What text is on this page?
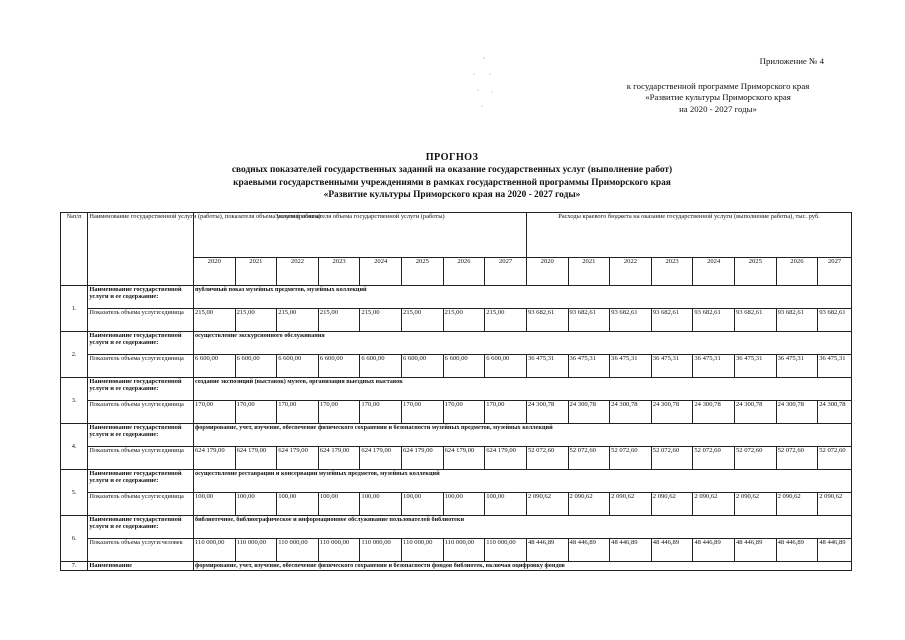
Приложение № 4
к государственной программе Приморского края
«Развитие культуры Приморского края
на 2020 - 2027 годы»
ПРОГНОЗ
сводных показателей государственных заданий на оказание государственных услуг (выполнение работ)
краевыми государственными учреждениями в рамках государственной программы Приморского края
«Развитие культуры Приморского края на 2020 - 2027 годы»
№п/п	Наименование государственной услуги (работы), показателя объема услуги (работы)	Значение показателя объема государственной услуги (работы)								Расходы краевого бюджета на оказание государственной услуги (выполнение работы), тыс. руб.							
		2020	2021	2022	2023	2024	2025	2026	2027	2020	2021	2022	2023	2024	2025	2026	2027
1.	Наименование государственной услуги и ее содержание:	публичный показ музейных предметов, музейных коллекций															
	Показатель объема услуги:единица	215,00	215,00	215,00	215,00	215,00	215,00	215,00	215,00	93 682,61	93 682,61	93 682,61	93 682,61	93 682,61	93 682,61	93 682,61	93 682,61
2.	Наименование государственной услуги и ее содержание:	осуществление экскурсионного обслуживания															
	Показатель объема услуги:единица	6 600,00	6 600,00	6 600,00	6 600,00	6 600,00	6 600,00	6 600,00	6 600,00	36 475,31	36 475,31	36 475,31	36 475,31	36 475,31	36 475,31	36 475,31	36 475,31
3.	Наименование государственной услуги и ее содержание:	создание экспозиций (выставок) музеев, организация выездных выставок															
	Показатель объема услуги:единица	170,00	170,00	170,00	170,00	170,00	170,00	170,00	170,00	24 300,78	24 300,78	24 300,78	24 300,78	24 300,78	24 300,78	24 300,78	24 300,78
4.	Наименование государственной услуги и ее содержание:	формирование, учет, изучение, обеспечение физического сохранения и безопасности музейных предметов, музейных коллекций															
	Показатель объема услуги:единица	624 179,00	624 179,00	624 179,00	624 179,00	624 179,00	624 179,00	624 179,00	624 179,00	52 072,60	52 072,60	52 072,60	52 072,60	52 072,60	52 072,60	52 072,60	52 072,60
5.	Наименование государственной услуги и ее содержание:	осуществление реставрации и консервации музейных предметов, музейных коллекций															
	Показатель объема услуги:единица	100,00	100,00	100,00	100,00	100,00	100,00	100,00	100,00	2 090,62	2 090,62	2 090,62	2 090,62	2 090,62	2 090,62	2 090,62	2 090,62
6.	Наименование государственной услуги и ее содержание:	библиотечное, библиографическое и информационное обслуживание пользователей библиотеки															
	Показатель объема услуги:человек	110 000,00	110 000,00	110 000,00	110 000,00	110 000,00	110 000,00	110 000,00	110 000,00	48 446,89	48 446,89	48 446,89	48 446,89	48 446,89	48 446,89	48 446,89	48 446,89
7.	Наименование	формирование, учет, изучение, обеспечение физического сохранения и безопасности фондов библиотек, включая оцифровку фондов															
